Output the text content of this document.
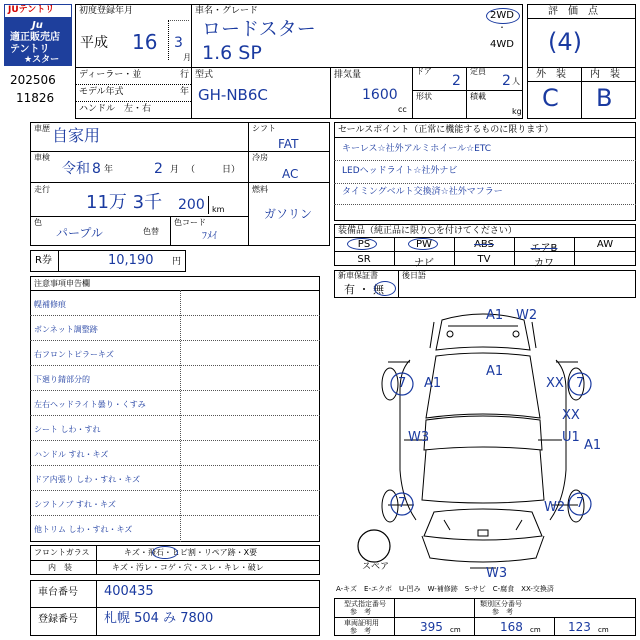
JUテントリ
Ju
適正販売店
テントリ
★スター
202506
11826
初度登録年月
平成 16 3
月
車名・グレード
ロードスター
1.6 SP
2WD
・
4WD
ディーラー・並	行
モデル年式	年
ハンドル　左・右
型式
GH-NB6C
排気量
1600
cc
ドア
2
定員
2 人
形状	積載
kg
評　価　点
(4)
外　装 内　装
C B
車歴 自家用
車検
令和 8 年	2 月 （　　　日）
走行
11万 3千 200 km
色
パープル	色替
色コード
ﾌﾒｲ
シフト
FAT
冷房
AC
燃料
ガソリン
R券	10,190 円
セールスポイント（正常に機能するものに限ります）
キーレス☆社外アルミホイール☆ETC
LEDヘッドライト☆社外ナビ
タイミングベルト交換済☆社外マフラー
装備品（純正品に限り○を付けてください）
PS	PW	ABS	エアB	AW
SR	ナビ	TV	カワ
新車保証書
有 ・ 無
後日語
注意事項申告欄
幌補修痕
ボンネット調整跡
右フロントピラーキズ
下廻り錆部分的
左右ヘッドライト曇り・くすみ
シート しわ・すれ
ハンドル すれ・キズ
ドア内張り しわ・すれ・キズ
シフトノブ すれ・キズ
他トリム しわ・すれ・キズ
フロントガラス	キズ・飛石・ヒビ割・リペア跡・X要
内　装	キズ・汚レ・コゲ・穴・スレ・キレ・破レ
車台番号 400435
登録番号 札幌 504 み 7800
A1 W2
A1
A1	XX
XX
U1
A1
W3
W2
W3
7	7
7	7
スペア
A-キズ　E-エクボ　U-凹み　W-補修跡　S-サビ　C-腐食　XX-交換済
型式指定番号
参　考
類別区分番号
参　考
車両証明用
参　考	395 cm	168 cm 123 cm
